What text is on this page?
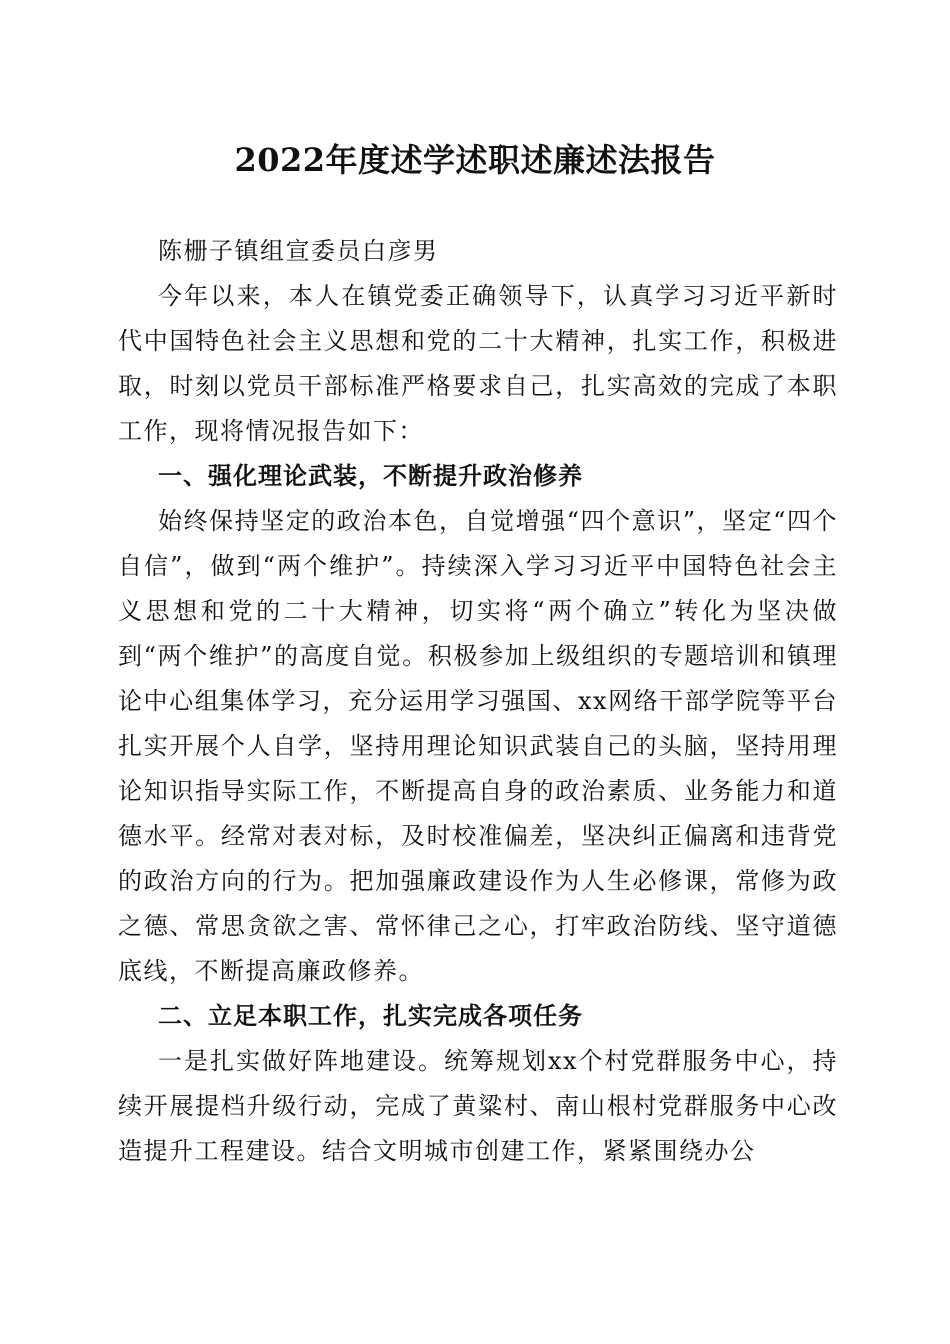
2022年度述学述职述廉述法报告

陈栅子镇组宣委员白彦男

今年以来，本人在镇党委正确领导下，认真学习习近平新时代中国特色社会主义思想和党的二十大精神，扎实工作，积极进取，时刻以党员干部标准严格要求自己，扎实高效的完成了本职工作，现将情况报告如下：

一、强化理论武装，不断提升政治修养

始终保持坚定的政治本色，自觉增强“四个意识”，坚定“四个自信”，做到“两个维护”。持续深入学习习近平中国特色社会主义思想和党的二十大精神，切实将“两个确立”转化为坚决做到“两个维护”的高度自觉。积极参加上级组织的专题培训和镇理论中心组集体学习，充分运用学习强国、xx网络干部学院等平台扎实开展个人自学，坚持用理论知识武装自己的头脑，坚持用理论知识指导实际工作，不断提高自身的政治素质、业务能力和道德水平。经常对表对标，及时校准偏差，坚决纠正偏离和违背党的政治方向的行为。把加强廉政建设作为人生必修课，常修为政之德、常思贪欲之害、常怀律己之心，打牢政治防线、坚守道德底线，不断提高廉政修养。

二、立足本职工作，扎实完成各项任务

一是扎实做好阵地建设。统筹规划xx个村党群服务中心，持续开展提档升级行动，完成了黄粱村、南山根村党群服务中心改造提升工程建设。结合文明城市创建工作，紧紧围绕办公
